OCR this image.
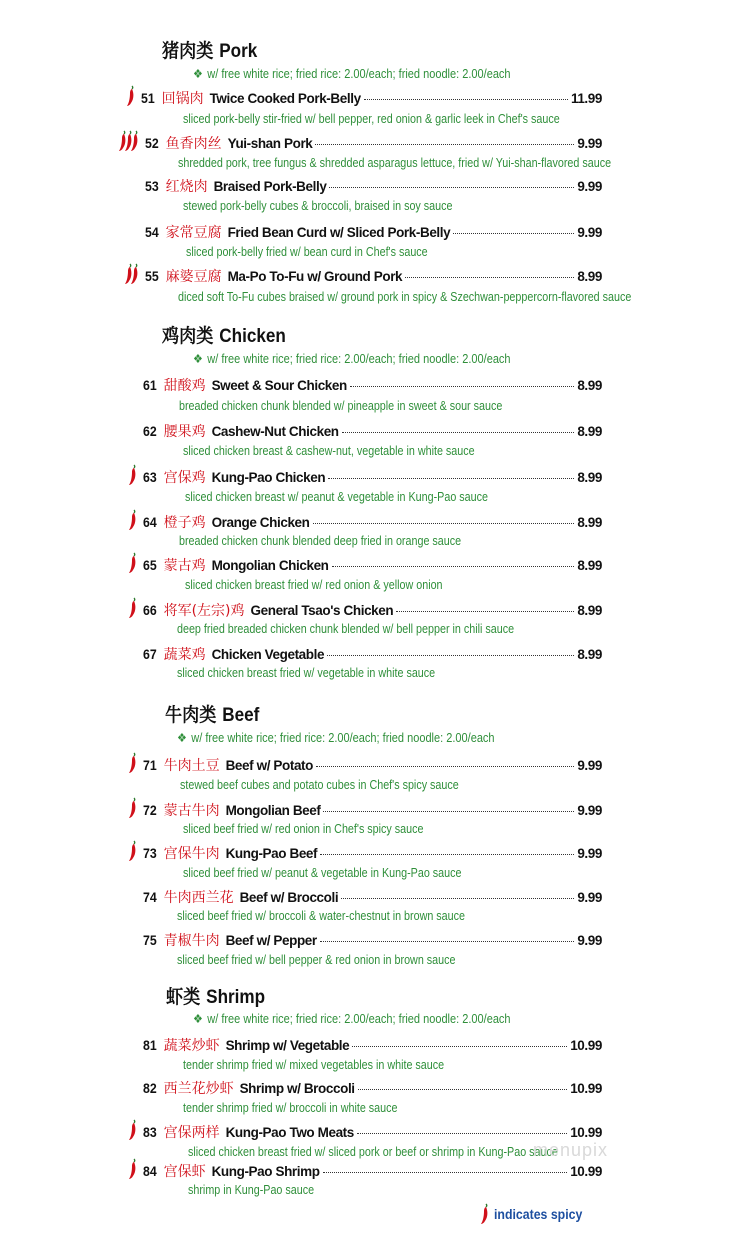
猪肉类 Pork
❖ w/ free white rice; fried rice: 2.00/each; fried noodle: 2.00/each
51 回锅肉 Twice Cooked Pork-Belly	11.99
sliced pork-belly stir-fried w/ bell pepper, red onion & garlic leek in Chef's sauce
52 鱼香肉丝 Yui-shan Pork	9.99
shredded pork, tree fungus & shredded asparagus lettuce, fried w/ Yui-shan-flavored sauce
53 红烧肉 Braised Pork-Belly	9.99
stewed pork-belly cubes & broccoli, braised in soy sauce
54 家常豆腐 Fried Bean Curd w/ Sliced Pork-Belly	9.99
sliced pork-belly fried w/ bean curd in Chef's sauce
55 麻婆豆腐 Ma-Po To-Fu w/ Ground Pork	8.99
diced soft To-Fu cubes braised w/ ground pork in spicy & Szechwan-peppercorn-flavored sauce
鸡肉类 Chicken
❖ w/ free white rice; fried rice: 2.00/each; fried noodle: 2.00/each
61 甜酸鸡 Sweet & Sour Chicken	8.99
breaded chicken chunk blended w/ pineapple in sweet & sour sauce
62 腰果鸡 Cashew-Nut Chicken	8.99
sliced chicken breast & cashew-nut, vegetable in white sauce
63 宫保鸡 Kung-Pao Chicken	8.99
sliced chicken breast w/ peanut & vegetable in Kung-Pao sauce
64 橙子鸡 Orange Chicken	8.99
breaded chicken chunk blended deep fried in orange sauce
65 蒙古鸡 Mongolian Chicken	8.99
sliced chicken breast fried w/ red onion & yellow onion
66 将军(左宗)鸡 General Tsao's Chicken	8.99
deep fried breaded chicken chunk blended w/ bell pepper in chili sauce
67 蔬菜鸡 Chicken Vegetable	8.99
sliced chicken breast fried w/ vegetable in white sauce
牛肉类 Beef
❖ w/ free white rice; fried rice: 2.00/each; fried noodle: 2.00/each
71 牛肉土豆 Beef w/ Potato	9.99
stewed beef cubes and potato cubes in Chef's spicy sauce
72 蒙古牛肉 Mongolian Beef	9.99
sliced beef fried w/ red onion in Chef's spicy sauce
73 宫保牛肉 Kung-Pao Beef	9.99
sliced beef fried w/ peanut & vegetable in Kung-Pao sauce
74 牛肉西兰花 Beef w/ Broccoli	9.99
sliced beef fried w/ broccoli & water-chestnut in brown sauce
75 青椒牛肉 Beef w/ Pepper	9.99
sliced beef fried w/ bell pepper & red onion in brown sauce
虾类 Shrimp
❖ w/ free white rice; fried rice: 2.00/each; fried noodle: 2.00/each
81 蔬菜炒虾 Shrimp w/ Vegetable	10.99
tender shrimp fried w/ mixed vegetables in white sauce
82 西兰花炒虾 Shrimp w/ Broccoli	10.99
tender shrimp fried w/ broccoli in white sauce
83 宫保两样 Kung-Pao Two Meats	10.99
sliced chicken breast fried w/ sliced pork or beef or shrimp in Kung-Pao sauce
84 宫保虾 Kung-Pao Shrimp	10.99
shrimp in Kung-Pao sauce
menupix
indicates spicy
